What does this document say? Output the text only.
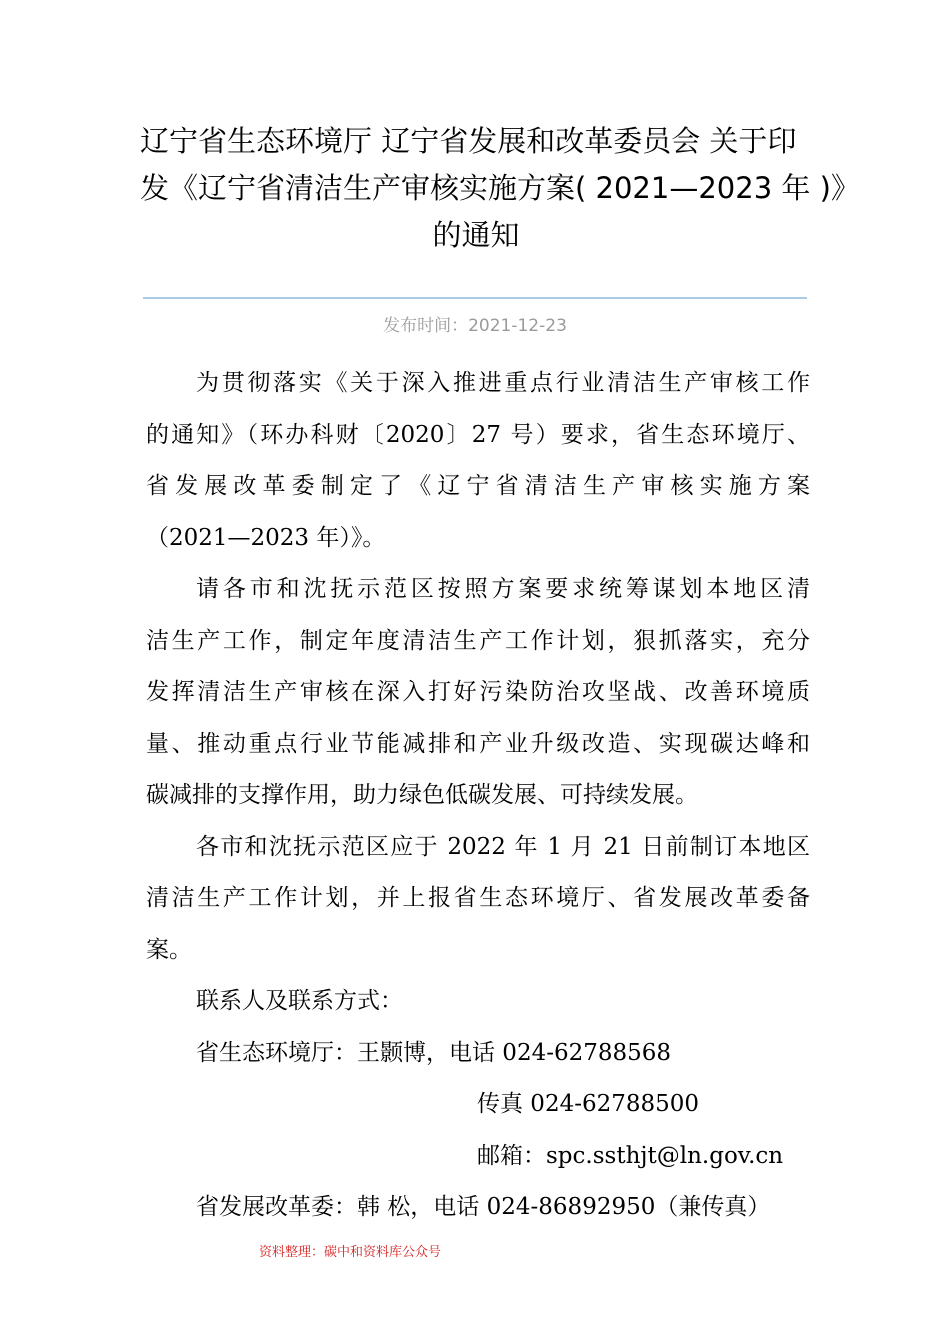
辽宁省生态环境厅 辽宁省发展和改革委员会 关于印
发《辽宁省清洁生产审核实施方案( 2021—2023 年 )》
的通知
发布时间：2021-12-23
为贯彻落实《关于深入推进重点行业清洁生产审核工作
的通知》（环办科财〔2020〕27 号）要求，省生态环境厅、
省发展改革委制定了《辽宁省清洁生产审核实施方案
（2021—2023 年）》。
请各市和沈抚示范区按照方案要求统筹谋划本地区清
洁生产工作，制定年度清洁生产工作计划，狠抓落实，充分
发挥清洁生产审核在深入打好污染防治攻坚战、改善环境质
量、推动重点行业节能减排和产业升级改造、实现碳达峰和
碳减排的支撑作用，助力绿色低碳发展、可持续发展。
各市和沈抚示范区应于 2022 年 1 月 21 日前制订本地区
清洁生产工作计划，并上报省生态环境厅、省发展改革委备
案。
联系人及联系方式：
省生态环境厅：王颢博，电话 024-62788568
传真 024-62788500
邮箱：spc.ssthjt@ln.gov.cn
省发展改革委：韩 松，电话 024-86892950（兼传真）
资料整理：碳中和资料库公众号
